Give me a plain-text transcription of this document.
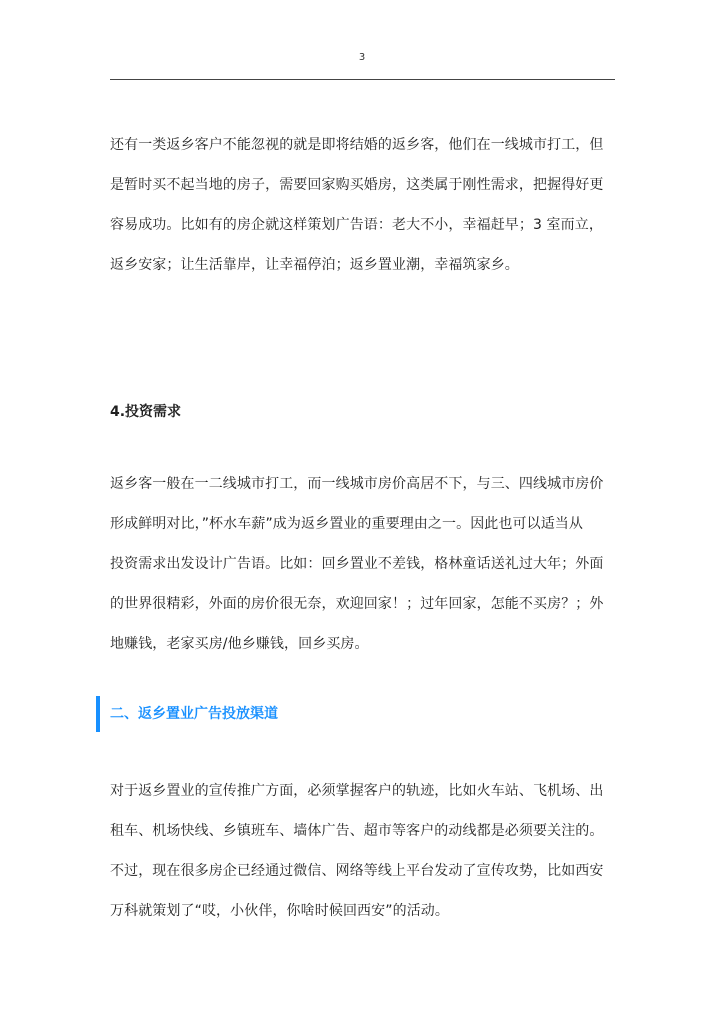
3

还有一类返乡客户不能忽视的就是即将结婚的返乡客，他们在一线城市打工，但
是暂时买不起当地的房子，需要回家购买婚房，这类属于刚性需求，把握得好更
容易成功。比如有的房企就这样策划广告语：老大不小，幸福赶早；3 室而立，
返乡安家；让生活靠岸，让幸福停泊；返乡置业潮，幸福筑家乡。

4.投资需求

返乡客一般在一二线城市打工，而一线城市房价高居不下，与三、四线城市房价
形成鲜明对比，”杯水车薪”成为返乡置业的重要理由之一。因此也可以适当从
投资需求出发设计广告语。比如：回乡置业不差钱，格林童话送礼过大年；外面
的世界很精彩，外面的房价很无奈，欢迎回家！；过年回家，怎能不买房？；外
地赚钱，老家买房/他乡赚钱，回乡买房。

二、返乡置业广告投放渠道

对于返乡置业的宣传推广方面，必须掌握客户的轨迹，比如火车站、飞机场、出
租车、机场快线、乡镇班车、墙体广告、超市等客户的动线都是必须要关注的。
不过，现在很多房企已经通过微信、网络等线上平台发动了宣传攻势，比如西安
万科就策划了“哎，小伙伴，你啥时候回西安”的活动。
